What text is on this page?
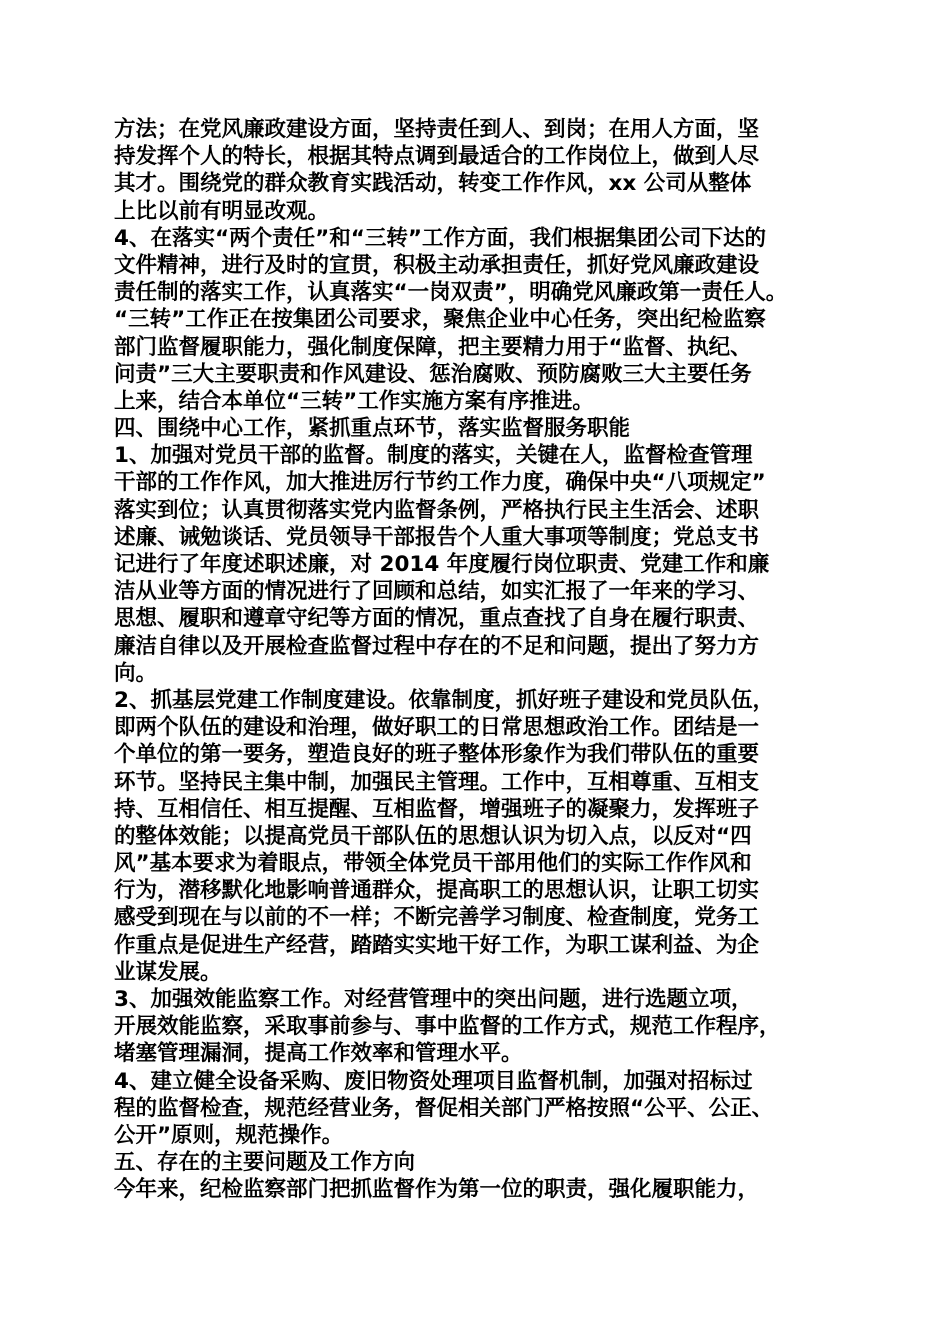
方法；在党风廉政建设方面，坚持责任到人、到岗；在用人方面，坚
持发挥个人的特长，根据其特点调到最适合的工作岗位上，做到人尽
其才。围绕党的群众教育实践活动，转变工作作风，xx 公司从整体
上比以前有明显改观。
4、在落实“两个责任”和“三转”工作方面，我们根据集团公司下达的
文件精神，进行及时的宣贯，积极主动承担责任，抓好党风廉政建设
责任制的落实工作，认真落实“一岗双责”，明确党风廉政第一责任人。
“三转”工作正在按集团公司要求，聚焦企业中心任务，突出纪检监察
部门监督履职能力，强化制度保障，把主要精力用于“监督、执纪、
问责”三大主要职责和作风建设、惩治腐败、预防腐败三大主要任务
上来，结合本单位“三转”工作实施方案有序推进。
四、围绕中心工作，紧抓重点环节，落实监督服务职能
1、加强对党员干部的监督。制度的落实，关键在人，监督检查管理
干部的工作作风，加大推进厉行节约工作力度，确保中央“八项规定”
落实到位；认真贯彻落实党内监督条例，严格执行民主生活会、述职
述廉、诫勉谈话、党员领导干部报告个人重大事项等制度；党总支书
记进行了年度述职述廉，对 2014 年度履行岗位职责、党建工作和廉
洁从业等方面的情况进行了回顾和总结，如实汇报了一年来的学习、
思想、履职和遵章守纪等方面的情况，重点查找了自身在履行职责、
廉洁自律以及开展检查监督过程中存在的不足和问题，提出了努力方
向。
2、抓基层党建工作制度建设。依靠制度，抓好班子建设和党员队伍，
即两个队伍的建设和治理，做好职工的日常思想政治工作。团结是一
个单位的第一要务，塑造良好的班子整体形象作为我们带队伍的重要
环节。坚持民主集中制，加强民主管理。工作中，互相尊重、互相支
持、互相信任、相互提醒、互相监督，增强班子的凝聚力，发挥班子
的整体效能；以提高党员干部队伍的思想认识为切入点，以反对“四
风”基本要求为着眼点，带领全体党员干部用他们的实际工作作风和
行为，潜移默化地影响普通群众，提高职工的思想认识，让职工切实
感受到现在与以前的不一样；不断完善学习制度、检查制度，党务工
作重点是促进生产经营，踏踏实实地干好工作，为职工谋利益、为企
业谋发展。
3、加强效能监察工作。对经营管理中的突出问题，进行选题立项，
开展效能监察，采取事前参与、事中监督的工作方式，规范工作程序，
堵塞管理漏洞，提高工作效率和管理水平。
4、建立健全设备采购、废旧物资处理项目监督机制，加强对招标过
程的监督检查，规范经营业务，督促相关部门严格按照“公平、公正、
公开”原则，规范操作。
五、存在的主要问题及工作方向
今年来，纪检监察部门把抓监督作为第一位的职责，强化履职能力，
